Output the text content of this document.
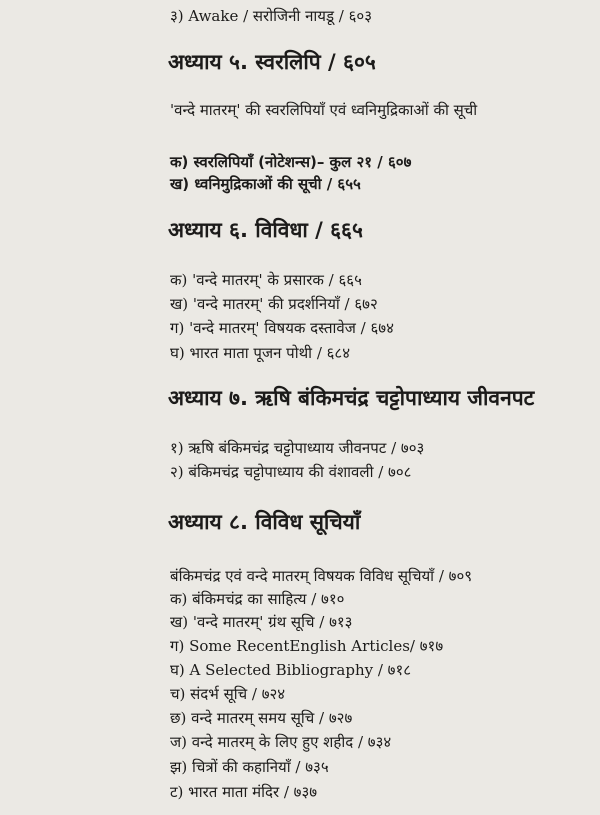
३) Awake / सरोजिनी नायडू / ६०३
अध्याय ५. स्वरलिपि / ६०५
'वन्दे मातरम्' की स्वरलिपियाँ एवं ध्वनिमुद्रिकाओं की सूची
क) स्वरलिपियाँ (नोटेशन्स)– कुल २१ / ६०७
ख) ध्वनिमुद्रिकाओं की सूची / ६५५
अध्याय ६. विविधा / ६६५
क) 'वन्दे मातरम्' के प्रसारक / ६६५
ख) 'वन्दे मातरम्' की प्रदर्शनियाँ / ६७२
ग) 'वन्दे मातरम्' विषयक दस्तावेज / ६७४
घ) भारत माता पूजन पोथी / ६८४
अध्याय ७. ऋषि बंकिमचंद्र चट्टोपाध्याय जीवनपट
१) ऋषि बंकिमचंद्र चट्टोपाध्याय जीवनपट / ७०३
२) बंकिमचंद्र चट्टोपाध्याय की वंशावली / ७०८
अध्याय ८. विविध सूचियाँ
बंकिमचंद्र एवं वन्दे मातरम् विषयक विविध सूचियाँ / ७०९
क) बंकिमचंद्र का साहित्य / ७१०
ख) 'वन्दे मातरम्' ग्रंथ सूचि / ७१३
ग) Some RecentEnglish Articles/ ७१७
घ) A Selected Bibliography / ७१८
च) संदर्भ सूचि / ७२४
छ) वन्दे मातरम् समय सूचि / ७२७
ज) वन्दे मातरम् के लिए हुए शहीद / ७३४
झ) चित्रों की कहानियाँ / ७३५
ट) भारत माता मंदिर / ७३७
